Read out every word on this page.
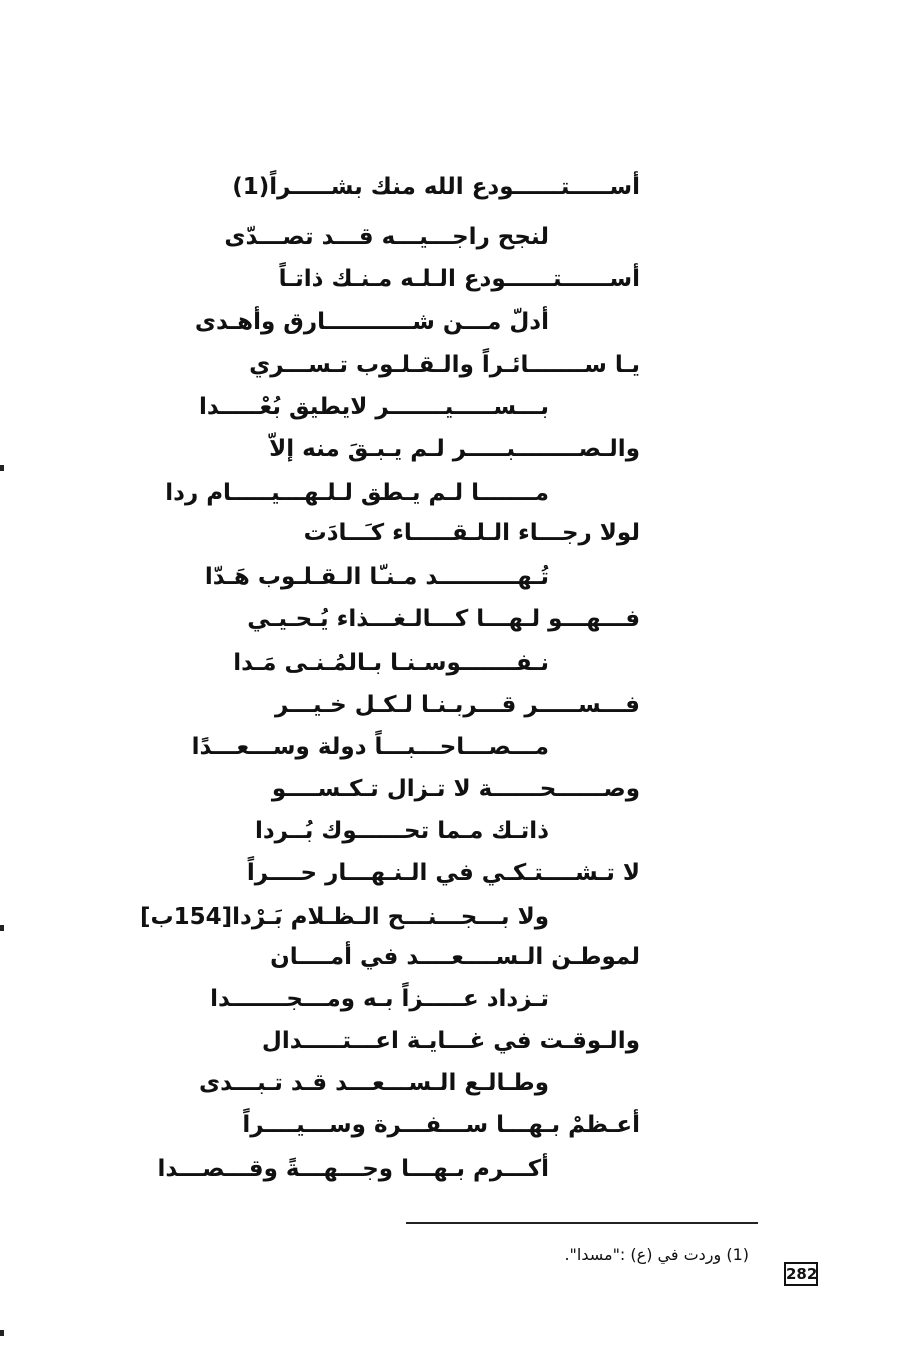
أســـــتــــــودع الله منك بشـــــراً(1)
لنجح راجـــيـــه قـــد تصـــدّى
أســــــتــــــودع الـلـه مـنـك ذاتـاً
أدلّ مـــن شـــــــــــارق وأهـدى
يـا ســـــــائـراً والـقـلـوب تـســـري
بـــســـــيـــــــر لايطيق بُعْـــــدا
والـصــــــــبـــــر لـم يـبـقَ منه إلاّ
مـــــــا لـم يـطق لـلـهـــيـــــام ردا
لولا رجـــاء الـلـقـــــاء كـَــادَت
تُـهــــــــــد مـنـّا الـقـلـوب هَـدّا
فـــهـــو لـهـــا كـــالـغـــذاء يُـحـيـي
نـفـــــــوسـنـا بـالمُـنـى مَـدا
فـــســـــر قـــربـنـا لـكـل خـيـــر
مـــصـــاحـــبـــاً دولة وســـعـــدًا
وصــــــحــــــة لا تـزال تـكـســــو
ذاتـك مـما تحــــــوك بُــردا
لا تـشــــتـكـي في الـنـهـــار حــــراً
ولا بـــجـــنـــح الـظـلام بَـرْدا[154ب]
لموطـن الـســــعــــد في أمــــان
تـزداد عـــــزاً بـه ومـــجـــــــدا
والـوقـت في غـــايـة اعـــتـــــدال
وطـالـع الـســـعـــد قـد تـبـــدى
أعـظمْ بـهـــا ســـفـــرة وســـيــــراً
أكـــرم بـهـــا وجـــهـــةً وقـــصـــدا
(1) وردت في (ع) :"مسدا".
282
